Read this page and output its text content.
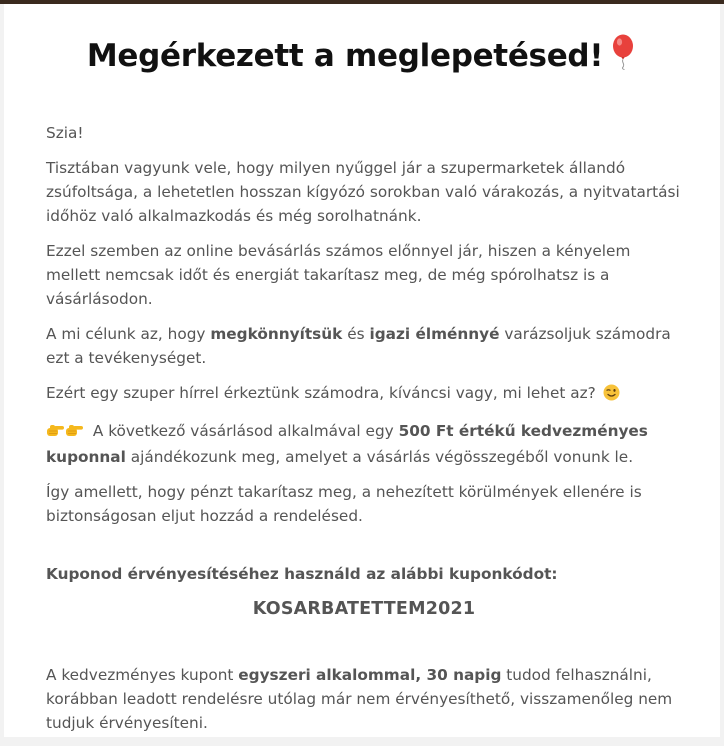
Megérkezett a meglepetésed!

Szia!

Tisztában vagyunk vele, hogy milyen nyűggel jár a szupermarketek állandó zsúfoltsága, a lehetetlen hosszan kígyózó sorokban való várakozás, a nyitvatartási időhöz való alkalmazkodás és még sorolhatnánk.

Ezzel szemben az online bevásárlás számos előnnyel jár, hiszen a kényelem mellett nemcsak időt és energiát takarítasz meg, de még spórolhatsz is a vásárlásodon.

A mi célunk az, hogy megkönnyítsük és igazi élménnyé varázsoljuk számodra ezt a tevékenységet.

Ezért egy szuper hírrel érkeztünk számodra, kíváncsi vagy, mi lehet az?

A következő vásárlásod alkalmával egy 500 Ft értékű kedvezményes kuponnal ajándékozunk meg, amelyet a vásárlás végösszegéből vonunk le.

Így amellett, hogy pénzt takarítasz meg, a nehezített körülmények ellenére is biztonságosan eljut hozzád a rendelésed.

Kuponod érvényesítéséhez használd az alábbi kuponkódot:

KOSARBATETTEM2021

A kedvezményes kupont egyszeri alkalommal, 30 napig tudod felhasználni, korábban leadott rendelésre utólag már nem érvényesíthető, visszamenőleg nem tudjuk érvényesíteni.
